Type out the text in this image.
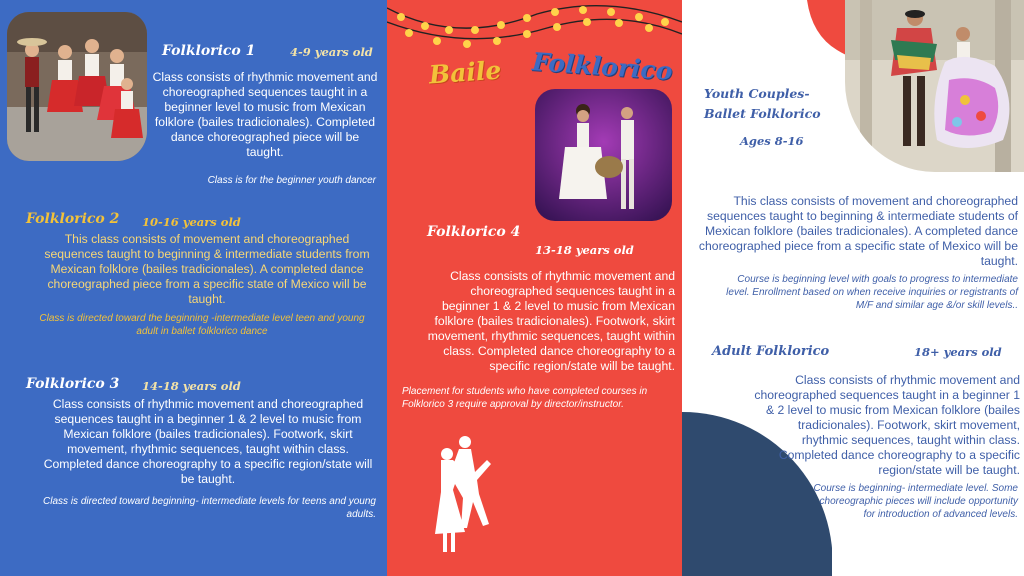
Folklorico 1	4-9 years old
Class consists of rhythmic movement and choreographed sequences taught in a beginner level to music from Mexican folklore (bailes tradicionales). Completed dance choreographed piece will be taught.
Class is for the beginner youth dancer
Folklorico 2 10-16 years old
This class consists of movement and choreographed sequences taught to beginning & intermediate students from Mexican folklore (bailes tradicionales). A completed dance choreographed piece from a specific state of Mexico will be taught.
Class is directed toward the beginning -intermediate level teen and young adult in ballet folklorico dance
Folklorico 3 14-18 years old
Class consists of rhythmic movement and choreographed sequences taught in a beginner 1 & 2 level to music from Mexican folklore (bailes tradicionales). Footwork, skirt movement, rhythmic sequences, taught within class. Completed dance choreography to a specific region/state will be taught.
Class is directed toward beginning- intermediate levels for teens and young adults.
Baile Folklorico
Folklorico 4
13-18 years old
Class consists of rhythmic movement and choreographed sequences taught in a beginner 1 & 2 level to music from Mexican folklore (bailes tradicionales). Footwork, skirt movement, rhythmic sequences, taught within class. Completed dance choreography to a specific region/state will be taught.
Placement for students who have completed courses in Folklorico 3 require approval by director/instructor.
Youth Couples-
Ballet Folklorico
Ages 8-16
This class consists of movement and choreographed sequences taught to beginning & intermediate students of Mexican folklore (bailes tradicionales). A completed dance choreographed piece from a specific state of Mexico will be taught.
Course is beginning level with goals to progress to intermediate level. Enrollment based on when receive inquiries or registrants of M/F and similar age &/or skill levels..
Adult Folklorico	18+ years old
Class consists of rhythmic movement and choreographed sequences taught in a beginner 1 & 2 level to music from Mexican folklore (bailes tradicionales). Footwork, skirt movement, rhythmic sequences, taught within class. Completed dance choreography to a specific region/state will be taught.
Course is beginning- intermediate level. Some choreographic pieces will include opportunity for introduction of advanced levels.
